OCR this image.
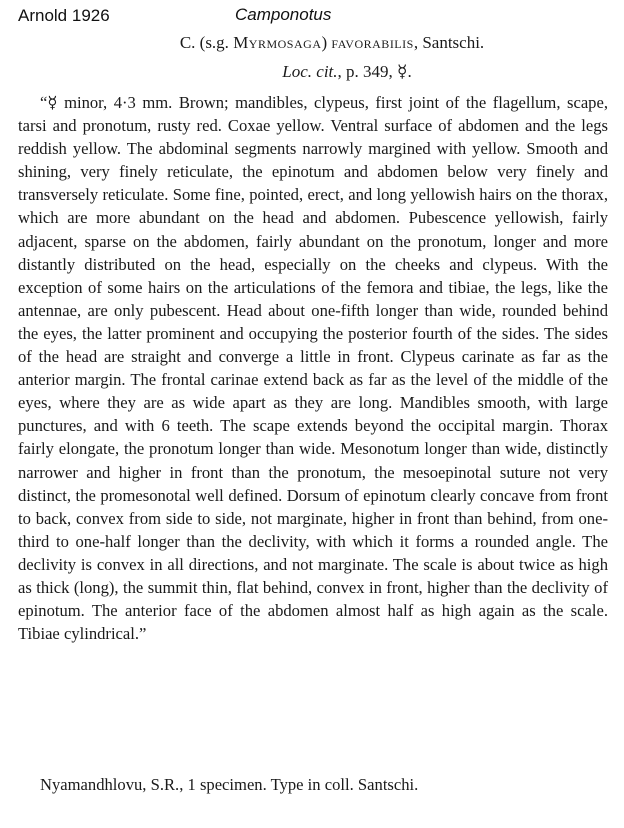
Arnold 1926	Camponotus
C. (s.g. Myrmosaga) favorabilis, Santschi.
Loc. cit., p. 349, ☿.

“☿ minor, 4·3 mm. Brown; mandibles, clypeus, first joint of the flagellum, scape, tarsi and pronotum, rusty red. Coxae yellow. Ventral surface of abdomen and the legs reddish yellow. The abdominal segments narrowly margined with yellow. Smooth and shining, very finely reticulate, the epinotum and abdomen below very finely and transversely reticulate. Some fine, pointed, erect, and long yellowish hairs on the thorax, which are more abundant on the head and abdomen. Pubescence yellowish, fairly adjacent, sparse on the abdomen, fairly abundant on the pronotum, longer and more distantly distributed on the head, especially on the cheeks and clypeus. With the exception of some hairs on the articulations of the femora and tibiae, the legs, like the antennae, are only pubescent. Head about one-fifth longer than wide, rounded behind the eyes, the latter prominent and occupying the posterior fourth of the sides. The sides of the head are straight and converge a little in front. Clypeus carinate as far as the anterior margin. The frontal carinae extend back as far as the level of the middle of the eyes, where they are as wide apart as they are long. Mandibles smooth, with large punctures, and with 6 teeth. The scape extends beyond the occipital margin. Thorax fairly elongate, the pronotum longer than wide. Mesonotum longer than wide, distinctly narrower and higher in front than the pronotum, the mesoepinotal suture not very distinct, the promesonotal well defined. Dorsum of epinotum clearly concave from front to back, convex from side to side, not marginate, higher in front than behind, from one-third to one-half longer than the declivity, with which it forms a rounded angle. The declivity is convex in all directions, and not marginate. The scale is about twice as high as thick (long), the summit thin, flat behind, convex in front, higher than the declivity of epinotum. The anterior face of the abdomen almost half as high again as the scale. Tibiae cylindrical.”

Nyamandhlovu, S.R., 1 specimen. Type in coll. Santschi.
